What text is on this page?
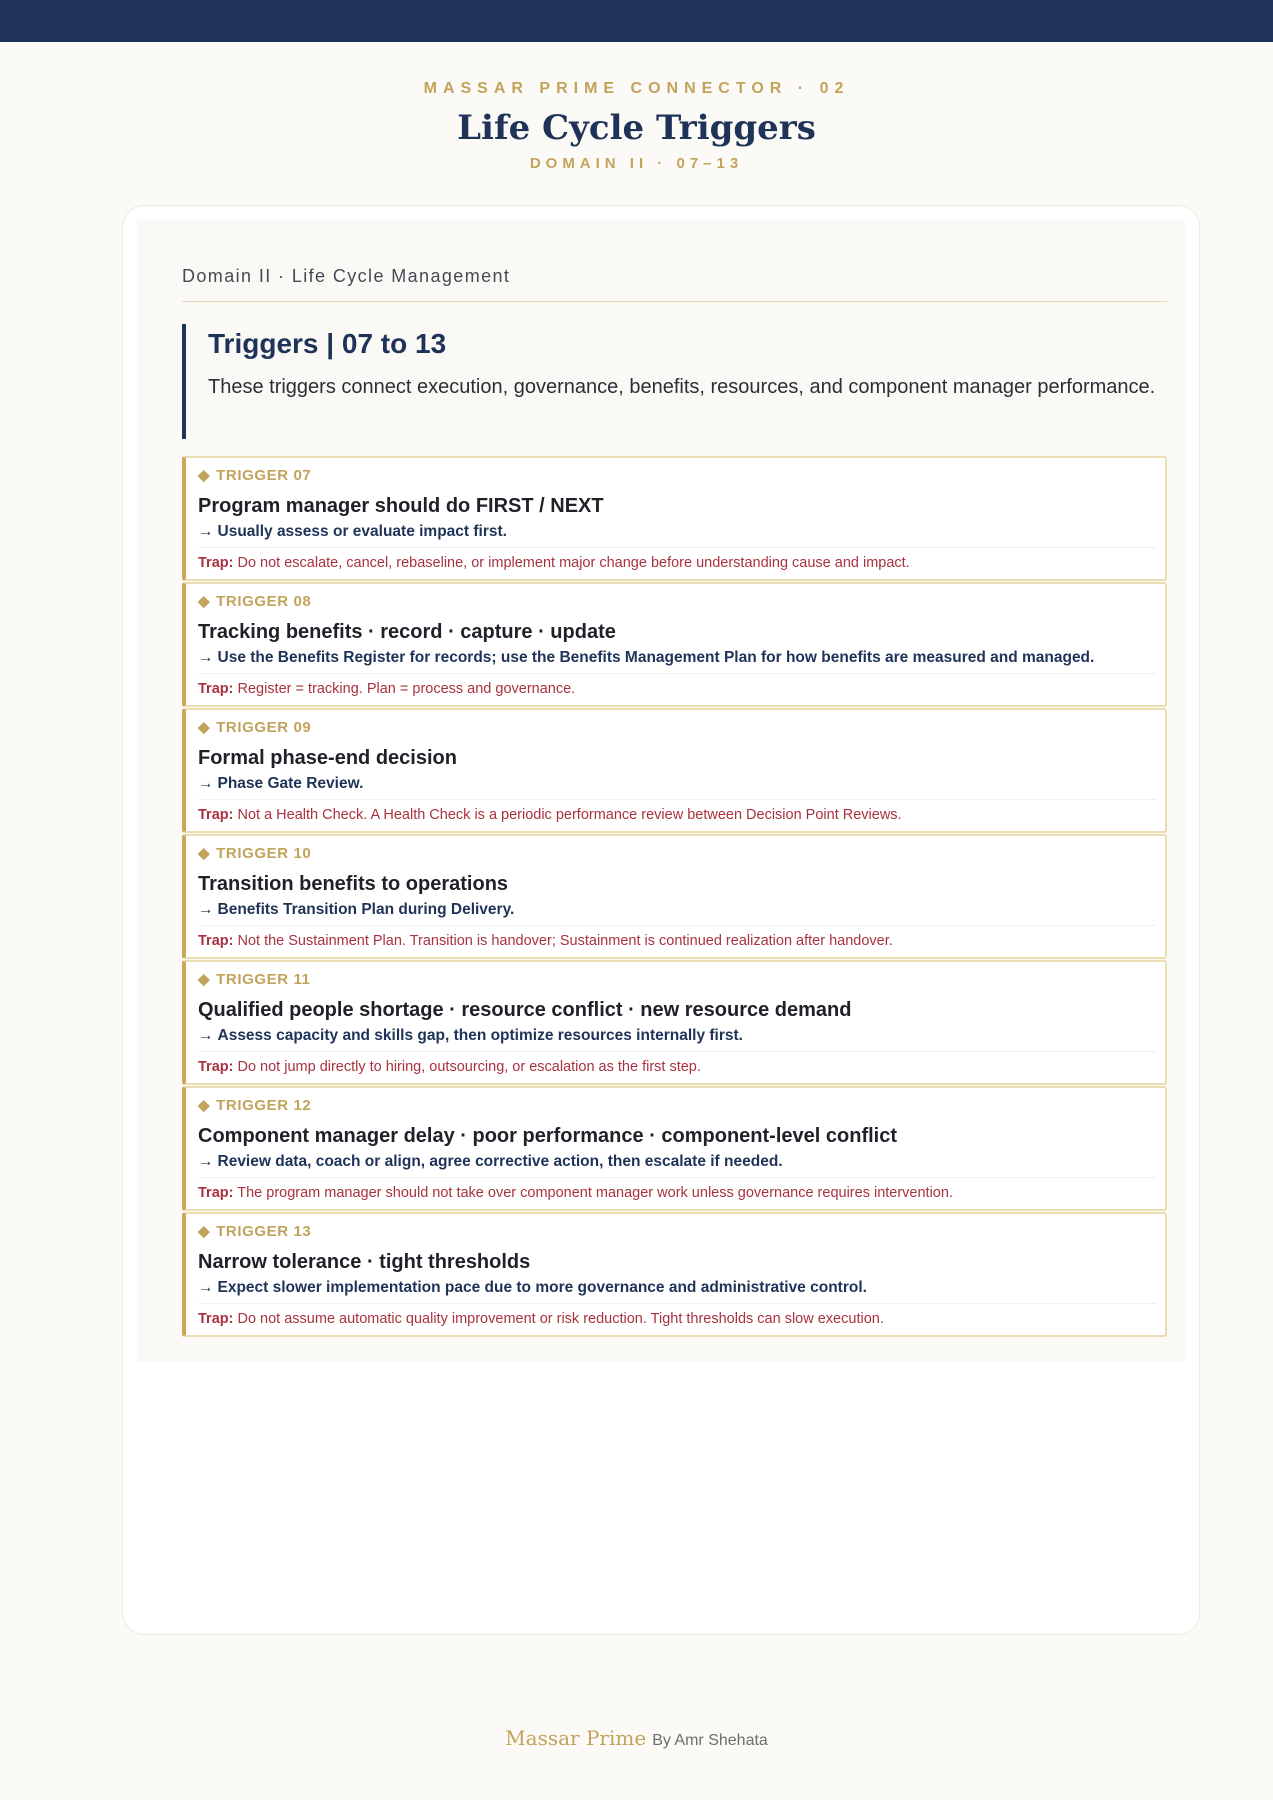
MASSAR PRIME CONNECTOR · 02
Life Cycle Triggers
DOMAIN II · 07–13
Domain II · Life Cycle Management
Triggers | 07 to 13
These triggers connect execution, governance, benefits, resources, and component manager performance.
◆ TRIGGER 07
Program manager should do FIRST / NEXT
→ Usually assess or evaluate impact first.
Trap: Do not escalate, cancel, rebaseline, or implement major change before understanding cause and impact.
◆ TRIGGER 08
Tracking benefits · record · capture · update
→ Use the Benefits Register for records; use the Benefits Management Plan for how benefits are measured and managed.
Trap: Register = tracking. Plan = process and governance.
◆ TRIGGER 09
Formal phase-end decision
→ Phase Gate Review.
Trap: Not a Health Check. A Health Check is a periodic performance review between Decision Point Reviews.
◆ TRIGGER 10
Transition benefits to operations
→ Benefits Transition Plan during Delivery.
Trap: Not the Sustainment Plan. Transition is handover; Sustainment is continued realization after handover.
◆ TRIGGER 11
Qualified people shortage · resource conflict · new resource demand
→ Assess capacity and skills gap, then optimize resources internally first.
Trap: Do not jump directly to hiring, outsourcing, or escalation as the first step.
◆ TRIGGER 12
Component manager delay · poor performance · component-level conflict
→ Review data, coach or align, agree corrective action, then escalate if needed.
Trap: The program manager should not take over component manager work unless governance requires intervention.
◆ TRIGGER 13
Narrow tolerance · tight thresholds
→ Expect slower implementation pace due to more governance and administrative control.
Trap: Do not assume automatic quality improvement or risk reduction. Tight thresholds can slow execution.
Massar Prime By Amr Shehata
